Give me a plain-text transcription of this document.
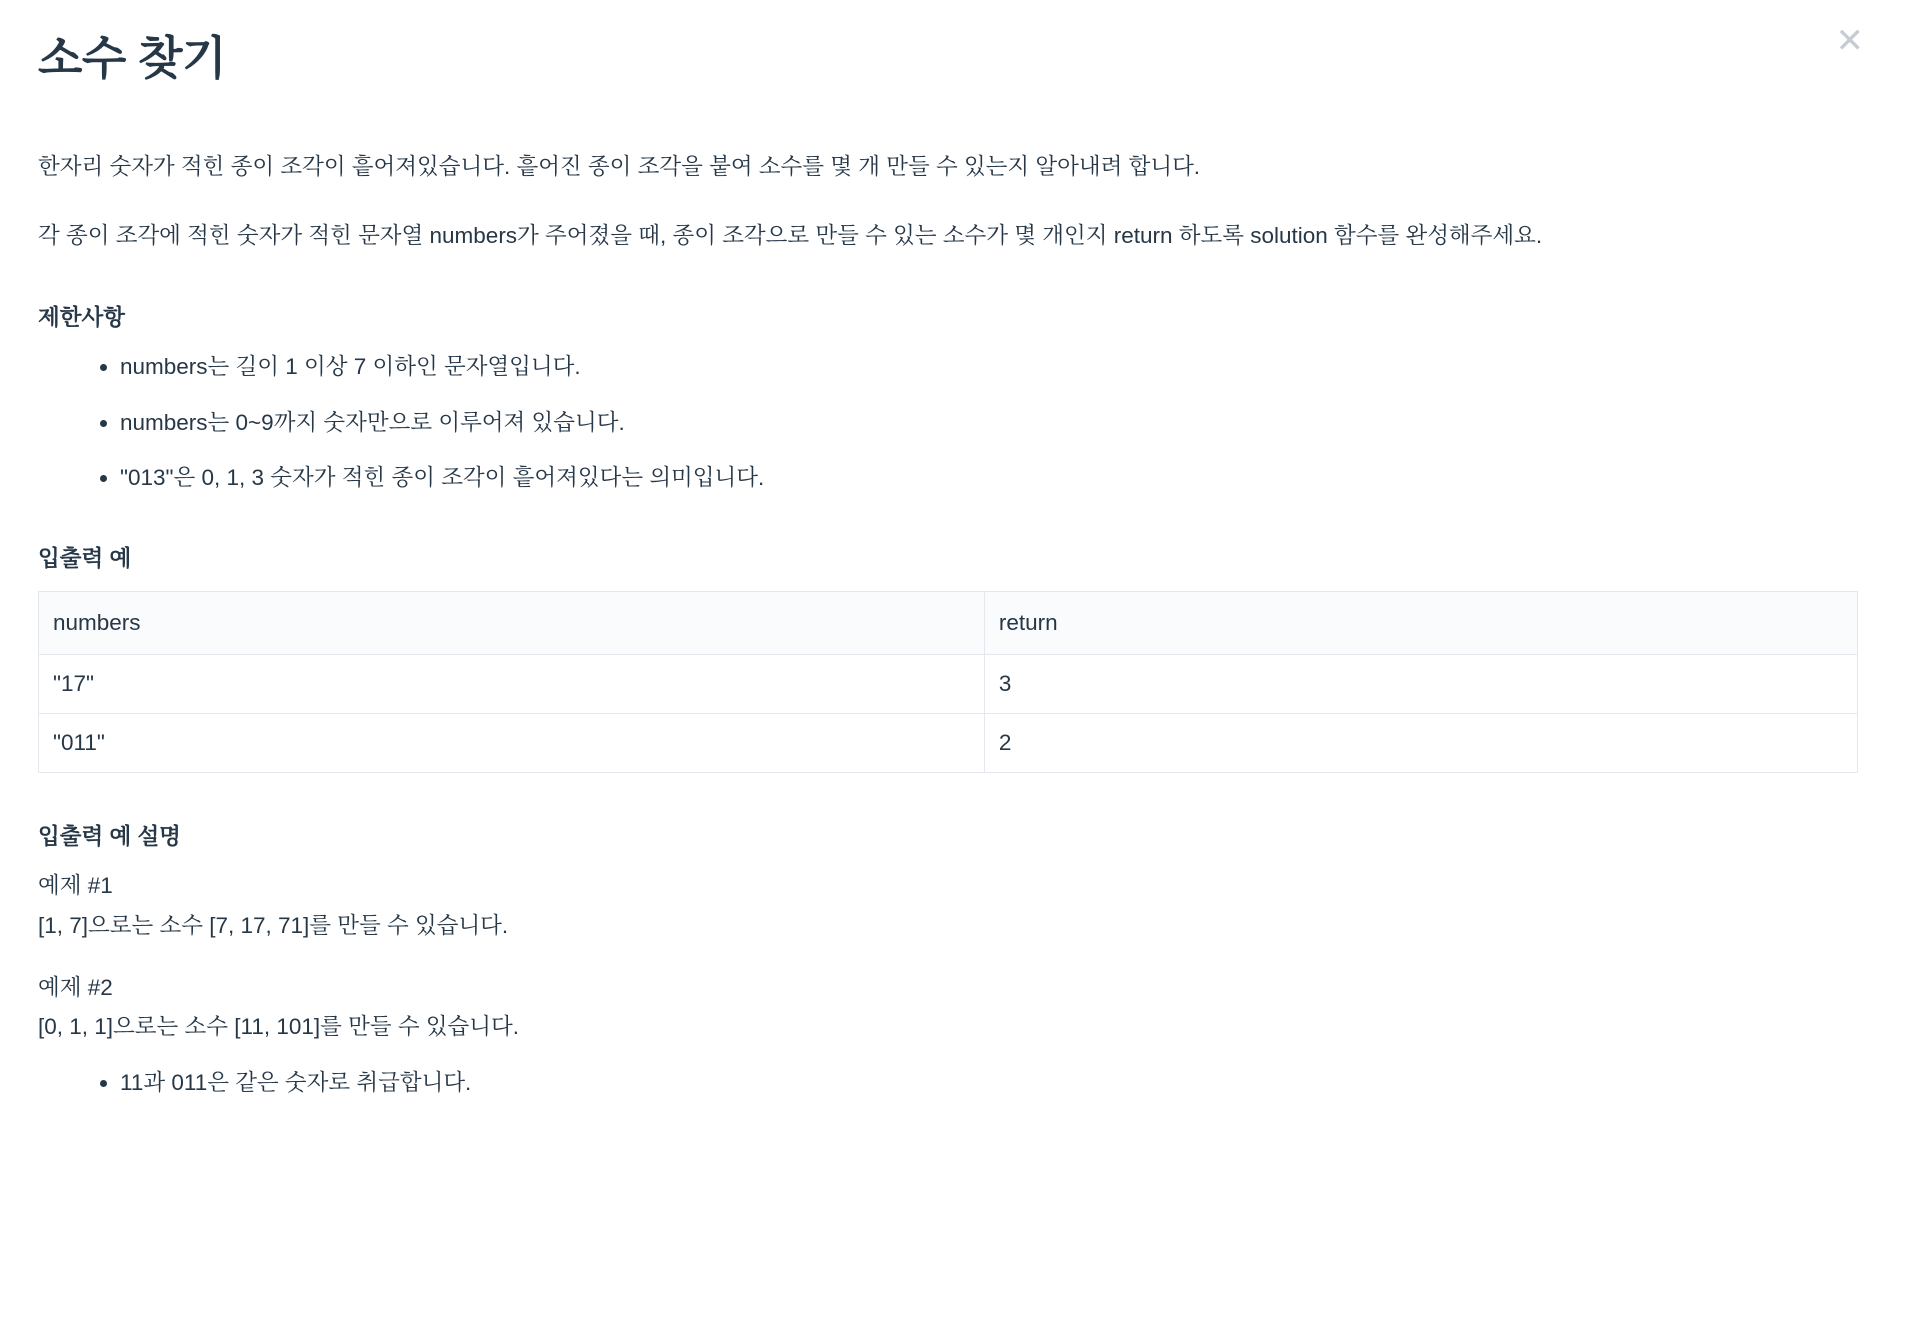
✕
소수 찾기

한자리 숫자가 적힌 종이 조각이 흩어져있습니다. 흩어진 종이 조각을 붙여 소수를 몇 개 만들 수 있는지 알아내려 합니다.

각 종이 조각에 적힌 숫자가 적힌 문자열 numbers가 주어졌을 때, 종이 조각으로 만들 수 있는 소수가 몇 개인지 return 하도록 solution 함수를 완성해주세요.

제한사항
• numbers는 길이 1 이상 7 이하인 문자열입니다.
• numbers는 0~9까지 숫자만으로 이루어져 있습니다.
• "013"은 0, 1, 3 숫자가 적힌 종이 조각이 흩어져있다는 의미입니다.
입출력 예
numbers	return
"17"	3
"011"	2
입출력 예 설명

예제 #1

[1, 7]으로는 소수 [7, 17, 71]를 만들 수 있습니다.

예제 #2

[0, 1, 1]으로는 소수 [11, 101]를 만들 수 있습니다.

• 11과 011은 같은 숫자로 취급합니다.
